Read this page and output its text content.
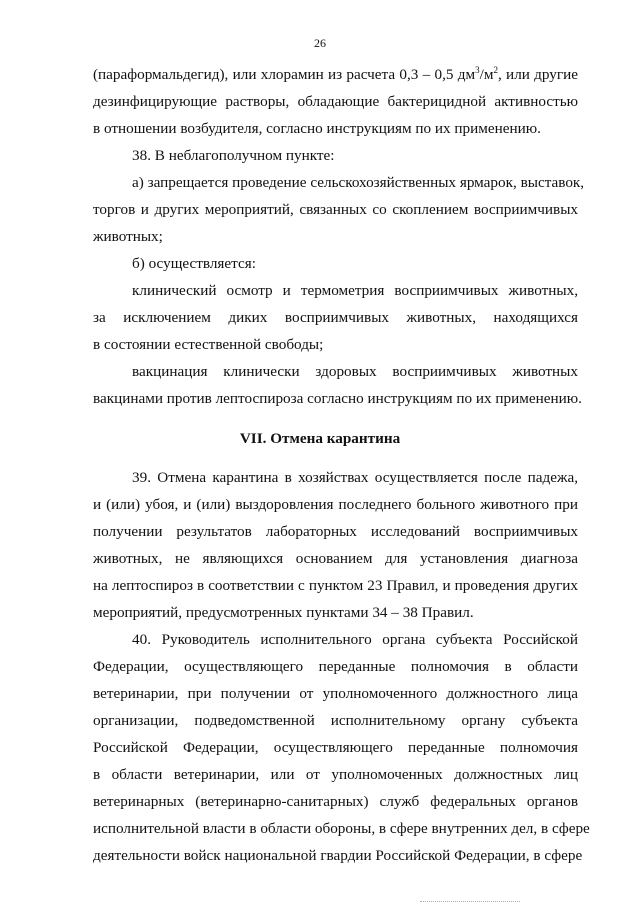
26
(параформальдегид), или хлорамин из расчета 0,3 – 0,5 $дм^3/м^2$, или другие
дезинфицирующие растворы, обладающие бактерицидной активностью
в отношении возбудителя, согласно инструкциям по их применению.
38. В неблагополучном пункте:
а) запрещается проведение сельскохозяйственных ярмарок, выставок,
торгов и других мероприятий, связанных со скоплением восприимчивых
животных;
б) осуществляется:
клинический осмотр и термометрия восприимчивых животных,
за исключением диких восприимчивых животных, находящихся
в состоянии естественной свободы;
вакцинация клинически здоровых восприимчивых животных
вакцинами против лептоспироза согласно инструкциям по их применению.
VII. Отмена карантина
39. Отмена карантина в хозяйствах осуществляется после падежа,
и (или) убоя, и (или) выздоровления последнего больного животного при
получении результатов лабораторных исследований восприимчивых
животных, не являющихся основанием для установления диагноза
на лептоспироз в соответствии с пунктом 23 Правил, и проведения других
мероприятий, предусмотренных пунктами 34 – 38 Правил.
40. Руководитель исполнительного органа субъекта Российской
Федерации, осуществляющего переданные полномочия в области
ветеринарии, при получении от уполномоченного должностного лица
организации, подведомственной исполнительному органу субъекта
Российской Федерации, осуществляющего переданные полномочия
в области ветеринарии, или от уполномоченных должностных лиц
ветеринарных (ветеринарно-санитарных) служб федеральных органов
исполнительной власти в области обороны, в сфере внутренних дел, в сфере
деятельности войск национальной гвардии Российской Федерации, в сфере
